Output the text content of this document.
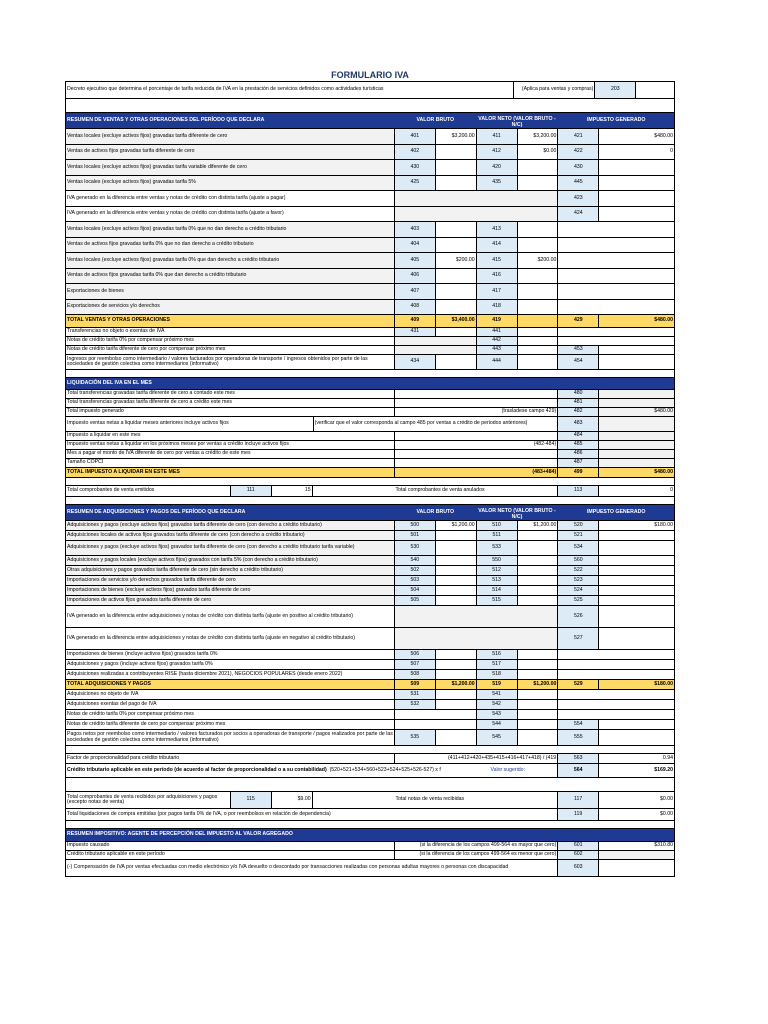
FORMULARIO IVA
Decreto ejecutivo que determina el porcentaje de tarifa reducida de IVA en la prestación de servicios definidos como actividades turísticas	(Aplica para ventas y compras)	203
RESUMEN DE VENTAS Y OTRAS OPERACIONES DEL PERÍODO QUE DECLARA	VALOR BRUTO	VALOR NETO (VALOR BRUTO - N/C)
IMPUESTO GENERADO
Ventas locales (excluye activos fijos) gravadas tarifa diferente de cero	401	$3,200.00	411	$3,200.00	421	$480.00
Ventas de activos fijos gravadas tarifa diferente de cero	402	412	$0.00	422	0
Ventas locales (excluye activos fijos) gravadas tarifa variable diferente de cero	430	420	430
Ventas locales (excluye activos fijos) gravadas tarifa 5%	425	435	445
IVA generado en la diferencia entre ventas y notas de crédito con distinta tarifa (ajuste a pagar)	423
IVA generado en la diferencia entre ventas y notas de crédito con distinta tarifa (ajuste a favor)	424
Ventas locales (excluye activos fijos) gravadas tarifa 0% que no dan derecho a crédito tributario	403	413
Ventas de activos fijos gravadas tarifa 0% que no dan derecho a crédito tributario	404	414
Ventas locales (excluye activos fijos) gravadas tarifa 0% que dan derecho a crédito tributario	405	$200.00	415	$200.00
Ventas de activos fijos gravadas tarifa 0% que dan derecho a crédito tributario	406	416
Exportaciones de bienes	407	417
Exportaciones de servicios y/o derechos	408	418
TOTAL VENTAS Y OTRAS OPERACIONES	409	$3,400.00	419	429	$480.00
Transferencias no objeto o exentas de IVA	431	441
Notas de crédito tarifa 0% por compensar próximo mes	442
Notas de crédito tarifa diferente de cero por compensar próximo mes	443	453
Ingresos por reembolso como intermediario / valores facturados por operadoras de transporte / ingresos obtenidos por parte de las sociedades de gestión colectiva como intermediarios (informativo)	434	444	454
LIQUIDACIÓN DEL IVA EN EL MES
Total transferencias gravadas tarifa diferente de cero a contado este mes	480
Total transferencias gravadas tarifa diferente de cero a crédito este mes	481
Total impuesto generado	(trasladese campo 429)	482	$480.00
Impuesto ventas netas a liquidar meses anteriores incluye activos fijos	(verificar que el valor corresponda al campo 485 por ventas a crédito de periodos anteriores)	483
Impuesto a liquidar en este mes	484
Impuesto ventas netas a liquidar en los próximos meses por ventas a crédito incluye activos fijos	(482-484)	485
Mes a pagar el monto de IVA diferente de cero por ventas a crédito de este mes	486
Tamaño COPCI	487
TOTAL IMPUESTO A LIQUIDAR EN ESTE MES	(483+484)	499	$480.00
Total comprobantes de venta emitidos	111	15	Total comprobantes de venta anulados	113	0
RESUMEN DE ADQUISICIONES Y PAGOS DEL PERÍODO QUE DECLARA	VALOR BRUTO	VALOR NETO (VALOR BRUTO - N/C)
IMPUESTO GENERADO
Adquisiciones y pagos (excluye activos fijos) gravados tarifa diferente de cero (con derecho a crédito tributario)	500	$1,200.00	510	$1,200.00	520	$180.00
Adquisiciones locales de activos fijos gravados tarifa diferente de cero (con derecho a crédito tributario)	501	511	521
Adquisiciones y pagos (excluye activos fijos) gravados tarifa diferente de cero (con derecho a crédito tributario tarifa variable)	530	533	534
Adquisiciones y pagos locales (excluye activos fijos) gravados con tarifa 5% (con derecho a crédito tributario)	540	550	560
Otras adquisiciones y pagos gravados tarifa diferente de cero (sin derecho a crédito tributario)	502	512	522
Importaciones de servicios y/o derechos gravados tarifa diferente de cero	503	513	523
Importaciones de bienes (excluye activos fijos) gravados tarifa diferente de cero	504	514	524
Importaciones de activos fijos gravados tarifa diferente de cero	505	515	525
IVA generado en la diferencia entre adquisiciones y notas de crédito con distinta tarifa (ajuste en positivo al crédito tributario)	526
IVA generado en la diferencia entre adquisiciones y notas de crédito con distinta tarifa (ajuste en negativo al crédito tributario)	527
Importaciones de bienes (incluye activos fijos) gravados tarifa 0%	506	516
Adquisiciones y pagos (incluye activos fijos) gravados tarifa 0%	507	517
Adquisiciones realizadas a contribuyentes RISE (hasta diciembre 2021), NEGOCIOS POPULARES (desde enero 2022)	508	518
TOTAL ADQUISICIONES Y PAGOS	509	$1,200.00	519	$1,200.00	529	$180.00
Adquisiciones no objeto de IVA	531	541
Adquisiciones exentas del pago de IVA	532	542
Notas de crédito tarifa 0% por compensar próximo mes	543
Notas de crédito tarifa diferente de cero por compensar próximo mes	544	554
Pagos netos por reembolso como intermediario / valores facturados por socios a operadoras de transporte / pagos realizados por parte de las sociedades de gestión colectiva como intermediarios (informativo)	535	545	555
Factor de proporcionalidad para crédito tributario	(411+412+420+435+415+416+417+418) / (419	563	0.94
Crédito tributario aplicable en este período (de acuerdo al factor de proporcionalidad o a su contabilidad) (520+521+534+560+523+524+525+526-527) x f	Valor sugerido:	564	$169.20
Total comprobantes de venta recibidos por adquisiciones y pagos (excepto notas de venta)	115	$9.00	Total notas de venta recibidas	117	$0.00
Total liquidaciones de compra emitidas (por pagos tarifa 0% de IVA, o por reembolsos en relación de dependencia)	119	$0.00
RESUMEN IMPOSITIVO: AGENTE DE PERCEPCIÓN DEL IMPUESTO AL VALOR AGREGADO
Impuesto causado	(si la diferencia de los campos 499-564 es mayor que cero)	601	$310.80
Crédito tributario aplicable en este período	(si la diferencia de los campos 499-564 es menor que cero)	602
(-) Compensación de IVA por ventas efectuadas con medio electrónico y/o IVA devuelto o descontado por transacciones realizadas con personas adultas mayores o personas con discapacidad	603
